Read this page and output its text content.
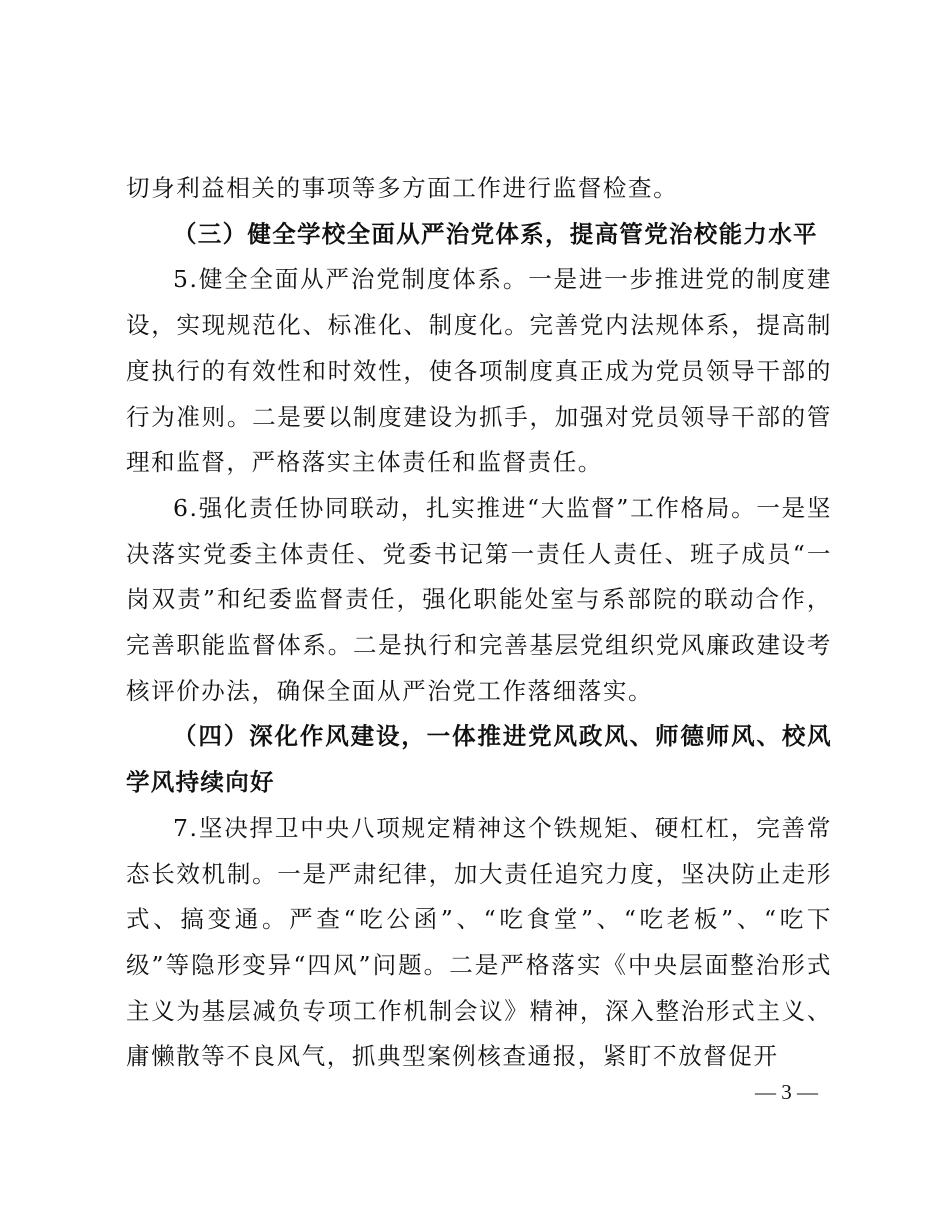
切身利益相关的事项等多方面工作进行监督检查。

（三）健全学校全面从严治党体系，提高管党治校能力水平

5.健全全面从严治党制度体系。一是进一步推进党的制度建设，实现规范化、标准化、制度化。完善党内法规体系，提高制度执行的有效性和时效性，使各项制度真正成为党员领导干部的行为准则。二是要以制度建设为抓手，加强对党员领导干部的管理和监督，严格落实主体责任和监督责任。

6.强化责任协同联动，扎实推进“大监督”工作格局。一是坚决落实党委主体责任、党委书记第一责任人责任、班子成员“一岗双责”和纪委监督责任，强化职能处室与系部院的联动合作，完善职能监督体系。二是执行和完善基层党组织党风廉政建设考核评价办法，确保全面从严治党工作落细落实。

（四）深化作风建设，一体推进党风政风、师德师风、校风学风持续向好

7.坚决捍卫中央八项规定精神这个铁规矩、硬杠杠，完善常态长效机制。一是严肃纪律，加大责任追究力度，坚决防止走形式、搞变通。严查“吃公函”、“吃食堂”、“吃老板”、“吃下级”等隐形变异“四风”问题。二是严格落实《中央层面整治形式主义为基层减负专项工作机制会议》精神，深入整治形式主义、庸懒散等不良风气，抓典型案例核查通报，紧盯不放督促开

— 3 —
